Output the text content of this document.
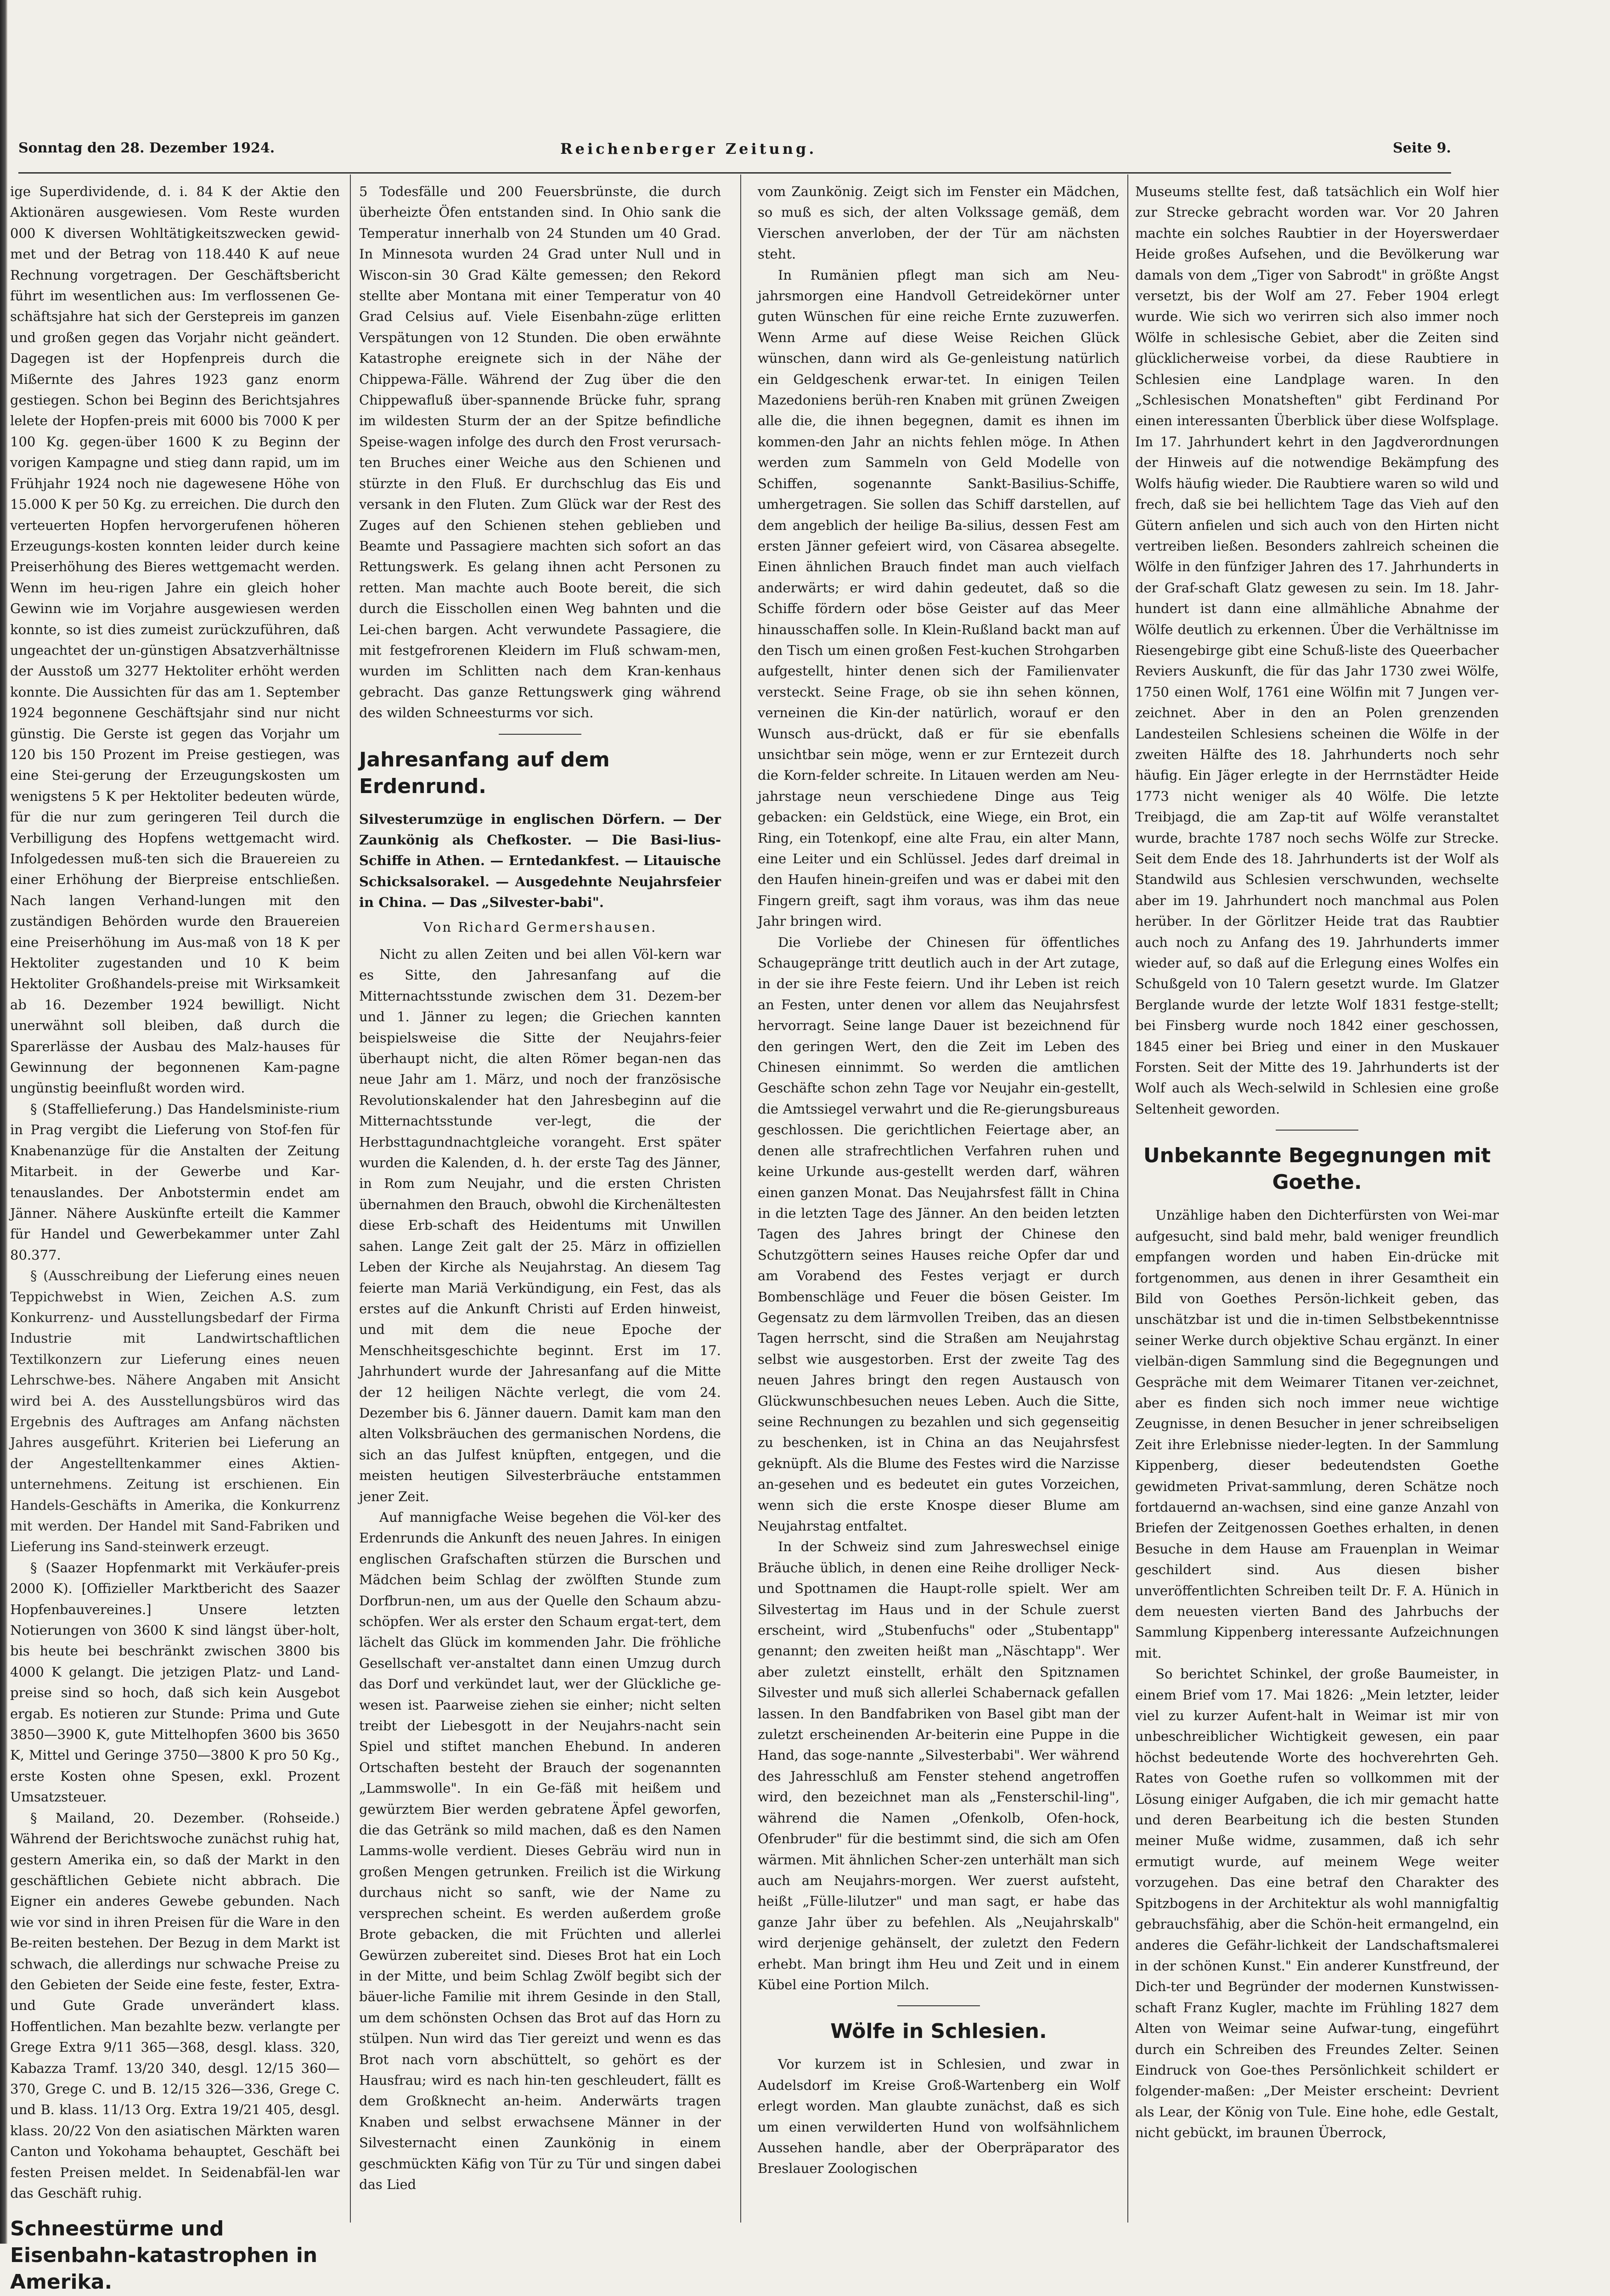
Sonntag den 28. Dezember 1924.	Reichenberger Zeitung.	Seite 9.

ige Superdividende, d. i. 84 K der Aktie den Aktionären ausgewiesen. Vom Reste wurden 000 K diversen Wohltätigkeitszwecken gewid-met und der Betrag von 118.440 K auf neue Rechnung vorgetragen. Der Geschäftsbericht führt im wesentlichen aus: Im verflossenen Ge-schäftsjahre hat sich der Gerstepreis im ganzen und großen gegen das Vorjahr nicht geändert. Dagegen ist der Hopfenpreis durch die Mißernte des Jahres 1923 ganz enorm gestiegen. Schon bei Beginn des Berichtsjahres lelete der Hopfen-preis mit 6000 bis 7000 K per 100 Kg. gegen-über 1600 K zu Beginn der vorigen Kampagne und stieg dann rapid, um im Frühjahr 1924 noch nie dagewesene Höhe von 15.000 K per 50 Kg. zu erreichen. Die durch den verteuerten Hopfen hervorgerufenen höheren Erzeugungs-kosten konnten leider durch keine Preiserhöhung des Bieres wettgemacht werden. Wenn im heu-rigen Jahre ein gleich hoher Gewinn wie im Vorjahre ausgewiesen werden konnte, so ist dies zumeist zurückzuführen, daß ungeachtet der un-günstigen Absatzverhältnisse der Ausstoß um 3277 Hektoliter erhöht werden konnte. Die Aussichten für das am 1. September 1924 begonnene Geschäftsjahr sind nur nicht günstig. Die Gerste ist gegen das Vorjahr um 120 bis 150 Prozent im Preise gestiegen, was eine Stei-gerung der Erzeugungskosten um wenigstens 5 K per Hektoliter bedeuten würde, für die nur zum geringeren Teil durch die Verbilligung des Hopfens wettgemacht wird. Infolgedessen muß-ten sich die Brauereien zu einer Erhöhung der Bierpreise entschließen. Nach langen Verhand-lungen mit den zuständigen Behörden wurde den Brauereien eine Preiserhöhung im Aus-maß von 18 K per Hektoliter zugestanden und 10 K beim Hektoliter Großhandels-preise mit Wirksamkeit ab 16. Dezember 1924 bewilligt. Nicht unerwähnt soll bleiben, daß durch die Sparerlässe der Ausbau des Malz-hauses für Gewinnung der begonnenen Kam-pagne ungünstig beeinflußt worden wird.

§ (Staffellieferung.) Das Handelsministe-rium in Prag vergibt die Lieferung von Stof-fen für Knabenanzüge für die Anstalten der Zeitung Mitarbeit. in der Gewerbe und Kar-tenauslandes. Der Anbotstermin endet am Jänner. Nähere Auskünfte erteilt die Kammer für Handel und Gewerbekammer unter Zahl 80.377.

§ (Ausschreibung der Lieferung eines neuen Teppichwebst in Wien, Zeichen A.S. zum Konkurrenz- und Ausstellungsbedarf der Firma Industrie mit Landwirtschaftlichen Textilkonzern zur Lieferung eines neuen Lehrschwe-bes. Nähere Angaben mit Ansicht wird bei A. des Ausstellungsbüros wird das Ergebnis des Auftrages am Anfang nächsten Jahres ausgeführt. Kriterien bei Lieferung an der Angestelltenkammer eines Aktien-unternehmens. Zeitung ist erschienen. Ein Handels-Geschäfts in Amerika, die Konkurrenz mit werden. Der Handel mit Sand-Fabriken und Lieferung ins Sand-steinwerk erzeugt.

§ (Saazer Hopfenmarkt mit Verkäufer-preis 2000 K). [Offizieller Marktbericht des Saazer Hopfenbauvereines.] Unsere letzten Notierungen von 3600 K sind längst über-holt, bis heute bei beschränkt zwischen 3800 bis 4000 K gelangt. Die jetzigen Platz- und Land-preise sind so hoch, daß sich kein Ausgebot ergab. Es notieren zur Stunde: Prima und Gute 3850—3900 K, gute Mittelhopfen 3600 bis 3650 K, Mittel und Geringe 3750—3800 K pro 50 Kg., erste Kosten ohne Spesen, exkl. Prozent Umsatzsteuer.

§ Mailand, 20. Dezember. (Rohseide.) Während der Berichtswoche zunächst ruhig hat, gestern Amerika ein, so daß der Markt in den geschäftlichen Gebiete nicht abbrach. Die Eigner ein anderes Gewebe gebunden. Nach wie vor sind in ihren Preisen für die Ware in den Be-reiten bestehen. Der Bezug in dem Markt ist schwach, die allerdings nur schwache Preise zu den Gebieten der Seide eine feste, fester, Extra- und Gute Grade unverändert klass. Hoffentlichen. Man bezahlte bezw. verlangte per Grege Extra 9/11 365—368, desgl. klass. 320, Kabazza Tramf. 13/20 340, desgl. 12/15 360—370, Grege C. und B. 12/15 326—336, Grege C. und B. klass. 11/13 Org. Extra 19/21 405, desgl. klass. 20/22 Von den asiatischen Märkten waren Canton und Yokohama behauptet, Geschäft bei festen Preisen meldet. In Seidenabfäl-len war das Geschäft ruhig.

Schneestürme und Eisenbahn-katastrophen in Amerika.

5 Todesfälle und 200 Feuersbrünste, die durch überheizte Öfen entstanden sind. In Ohio sank die Temperatur innerhalb von 24 Stunden um 40 Grad. In Minnesota wurden 24 Grad unter Null und in Wiscon-sin 30 Grad Kälte gemessen; den Rekord stellte aber Montana mit einer Temperatur von 40 Grad Celsius auf. Viele Eisenbahn-züge erlitten Verspätungen von 12 Stunden. Die oben erwähnte Katastrophe ereignete sich in der Nähe der Chippewa-Fälle. Während der Zug über die den Chippewafluß über-spannende Brücke fuhr, sprang im wildesten Sturm der an der Spitze befindliche Speise-wagen infolge des durch den Frost verursach-ten Bruches einer Weiche aus den Schienen und stürzte in den Fluß. Er durchschlug das Eis und versank in den Fluten. Zum Glück war der Rest des Zuges auf den Schienen stehen geblieben und Beamte und Passagiere machten sich sofort an das Rettungswerk. Es gelang ihnen acht Personen zu retten. Man machte auch Boote bereit, die sich durch die Eisschollen einen Weg bahnten und die Lei-chen bargen. Acht verwundete Passagiere, die mit festgefrorenen Kleidern im Fluß schwam-men, wurden im Schlitten nach dem Kran-kenhaus gebracht. Das ganze Rettungswerk ging während des wilden Schneesturms vor sich.

Jahresanfang auf dem Erdenrund.

Silvesterumzüge in englischen Dörfern. — Der Zaunkönig als Chefkoster. — Die Basi-lius-Schiffe in Athen. — Erntedankfest. — Litauische Schicksalsorakel. — Ausgedehnte Neujahrsfeier in China. — Das „Silvester-babi".

Von Richard Germershausen.

Nicht zu allen Zeiten und bei allen Völ-kern war es Sitte, den Jahresanfang auf die Mitternachtsstunde zwischen dem 31. Dezem-ber und 1. Jänner zu legen; die Griechen kannten beispielsweise die Sitte der Neujahrs-feier überhaupt nicht, die alten Römer began-nen das neue Jahr am 1. März, und noch der französische Revolutionskalender hat den Jahresbeginn auf die Mitternachtsstunde ver-legt, die der Herbsttagundnachtgleiche vorangeht. Erst später wurden die Kalenden, d. h. der erste Tag des Jänner, in Rom zum Neujahr, und die ersten Christen übernahmen den Brauch, obwohl die Kirchenältesten diese Erb-schaft des Heidentums mit Unwillen sahen. Lange Zeit galt der 25. März in offiziellen Leben der Kirche als Neujahrstag. An diesem Tag feierte man Mariä Verkündigung, ein Fest, das als erstes auf die Ankunft Christi auf Erden hinweist, und mit dem die neue Epoche der Menschheitsgeschichte beginnt. Erst im 17. Jahrhundert wurde der Jahresanfang auf die Mitte der 12 heiligen Nächte verlegt, die vom 24. Dezember bis 6. Jänner dauern. Damit kam man den alten Volksbräuchen des germanischen Nordens, die sich an das Julfest knüpften, entgegen, und die meisten heutigen Silvesterbräuche entstammen jener Zeit.

Auf mannigfache Weise begehen die Völ-ker des Erdenrunds die Ankunft des neuen Jahres. In einigen englischen Grafschaften stürzen die Burschen und Mädchen beim Schlag der zwölften Stunde zum Dorfbrun-nen, um aus der Quelle den Schaum abzu-schöpfen. Wer als erster den Schaum ergat-tert, dem lächelt das Glück im kommenden Jahr. Die fröhliche Gesellschaft ver-anstaltet dann einen Umzug durch das Dorf und verkündet laut, wer der Glückliche ge-wesen ist. Paarweise ziehen sie einher; nicht selten treibt der Liebesgott in der Neujahrs-nacht sein Spiel und stiftet manchen Ehebund. In anderen Ortschaften besteht der Brauch der sogenannten „Lammswolle". In ein Ge-fäß mit heißem und gewürztem Bier werden gebratene Äpfel geworfen, die das Getränk so mild machen, daß es den Namen Lamms-wolle verdient. Dieses Gebräu wird nun in großen Mengen getrunken. Freilich ist die Wirkung durchaus nicht so sanft, wie der Name zu versprechen scheint. Es werden außerdem große Brote gebacken, die mit Früchten und allerlei Gewürzen zubereitet sind. Dieses Brot hat ein Loch in der Mitte, und beim Schlag Zwölf begibt sich der bäuer-liche Familie mit ihrem Gesinde in den Stall, um dem schönsten Ochsen das Brot auf das Horn zu stülpen. Nun wird das Tier gereizt und wenn es das Brot nach vorn abschüttelt, so gehört es der Hausfrau; wird es nach hin-ten geschleudert, fällt es dem Großknecht an-heim. Anderwärts tragen Knaben und selbst erwachsene Männer in der Silvesternacht einen Zaunkönig in einem geschmückten Käfig von Tür zu Tür und singen dabei das Lied

vom Zaunkönig. Zeigt sich im Fenster ein Mädchen, so muß es sich, der alten Volkssage gemäß, dem Vierschen anverloben, der der Tür am nächsten steht.

In Rumänien pflegt man sich am Neu-jahrsmorgen eine Handvoll Getreidekörner unter guten Wünschen für eine reiche Ernte zuzuwerfen. Wenn Arme auf diese Weise Reichen Glück wünschen, dann wird als Ge-genleistung natürlich ein Geldgeschenk erwar-tet. In einigen Teilen Mazedoniens berüh-ren Knaben mit grünen Zweigen alle die, die ihnen begegnen, damit es ihnen im kommen-den Jahr an nichts fehlen möge. In Athen werden zum Sammeln von Geld Modelle von Schiffen, sogenannte Sankt-Basilius-Schiffe, umhergetragen. Sie sollen das Schiff darstellen, auf dem angeblich der heilige Ba-silius, dessen Fest am ersten Jänner gefeiert wird, von Cäsarea absegelte. Einen ähnlichen Brauch findet man auch vielfach anderwärts; er wird dahin gedeutet, daß so die Schiffe fördern oder böse Geister auf das Meer hinausschaffen solle. In Klein-Rußland backt man auf den Tisch um einen großen Fest-kuchen Strohgarben aufgestellt, hinter denen sich der Familienvater versteckt. Seine Frage, ob sie ihn sehen können, verneinen die Kin-der natürlich, worauf er den Wunsch aus-drückt, daß er für sie ebenfalls unsichtbar sein möge, wenn er zur Erntezeit durch die Korn-felder schreite. In Litauen werden am Neu-jahrstage neun verschiedene Dinge aus Teig gebacken: ein Geldstück, eine Wiege, ein Brot, ein Ring, ein Totenkopf, eine alte Frau, ein alter Mann, eine Leiter und ein Schlüssel. Jedes darf dreimal in den Haufen hinein-greifen und was er dabei mit den Fingern greift, sagt ihm voraus, was ihm das neue Jahr bringen wird.

Die Vorliebe der Chinesen für öffentliches Schaugepränge tritt deutlich auch in der Art zutage, in der sie ihre Feste feiern. Und ihr Leben ist reich an Festen, unter denen vor allem das Neujahrsfest hervorragt. Seine lange Dauer ist bezeichnend für den geringen Wert, den die Zeit im Leben des Chinesen einnimmt. So werden die amtlichen Geschäfte schon zehn Tage vor Neujahr ein-gestellt, die Amtssiegel verwahrt und die Re-gierungsbureaus geschlossen. Die gerichtlichen Feiertage aber, an denen alle strafrechtlichen Verfahren ruhen und keine Urkunde aus-gestellt werden darf, währen einen ganzen Monat. Das Neujahrsfest fällt in China in die letzten Tage des Jänner. An den beiden letzten Tagen des Jahres bringt der Chinese den Schutzgöttern seines Hauses reiche Opfer dar und am Vorabend des Festes verjagt er durch Bombenschläge und Feuer die bösen Geister. Im Gegensatz zu dem lärmvollen Treiben, das an diesen Tagen herrscht, sind die Straßen am Neujahrstag selbst wie ausgestorben. Erst der zweite Tag des neuen Jahres bringt den regen Austausch von Glückwunschbesuchen neues Leben. Auch die Sitte, seine Rechnungen zu bezahlen und sich gegenseitig zu beschenken, ist in China an das Neujahrsfest geknüpft. Als die Blume des Festes wird die Narzisse an-gesehen und es bedeutet ein gutes Vorzeichen, wenn sich die erste Knospe dieser Blume am Neujahrstag entfaltet.

In der Schweiz sind zum Jahreswechsel einige Bräuche üblich, in denen eine Reihe drolliger Neck- und Spottnamen die Haupt-rolle spielt. Wer am Silvestertag im Haus und in der Schule zuerst erscheint, wird „Stubenfuchs" oder „Stubentapp" genannt; den zweiten heißt man „Näschtapp". Wer aber zuletzt einstellt, erhält den Spitznamen Silvester und muß sich allerlei Schabernack gefallen lassen. In den Bandfabriken von Basel gibt man der zuletzt erscheinenden Ar-beiterin eine Puppe in die Hand, das soge-nannte „Silvesterbabi". Wer während des Jahresschluß am Fenster stehend angetroffen wird, den bezeichnet man als „Fensterschil-ling", während die Namen „Ofenkolb, Ofen-hock, Ofenbruder" für die bestimmt sind, die sich am Ofen wärmen. Mit ähnlichen Scher-zen unterhält man sich auch am Neujahrs-morgen. Wer zuerst aufsteht, heißt „Fülle-lilutzer" und man sagt, er habe das ganze Jahr über zu befehlen. Als „Neujahrskalb" wird derjenige gehänselt, der zuletzt den Federn erhebt. Man bringt ihm Heu und Zeit und in einem Kübel eine Portion Milch.

Wölfe in Schlesien.

Vor kurzem ist in Schlesien, und zwar in Audelsdorf im Kreise Groß-Wartenberg ein Wolf erlegt worden. Man glaubte zunächst, daß es sich um einen verwilderten Hund von wolfsähnlichem Aussehen handle, aber der Oberpräparator des Breslauer Zoologischen

Museums stellte fest, daß tatsächlich ein Wolf hier zur Strecke gebracht worden war. Vor 20 Jahren machte ein solches Raubtier in der Hoyerswerdaer Heide großes Aufsehen, und die Bevölkerung war damals von dem „Tiger von Sabrodt" in größte Angst versetzt, bis der Wolf am 27. Feber 1904 erlegt wurde. Wie sich wo verirren sich also immer noch Wölfe in schlesische Gebiet, aber die Zeiten sind glücklicherweise vorbei, da diese Raubtiere in Schlesien eine Landplage waren. In den „Schlesischen Monatsheften" gibt Ferdinand Por einen interessanten Überblick über diese Wolfsplage. Im 17. Jahrhundert kehrt in den Jagdverordnungen der Hinweis auf die notwendige Bekämpfung des Wolfs häufig wieder. Die Raubtiere waren so wild und frech, daß sie bei hellichtem Tage das Vieh auf den Gütern anfielen und sich auch von den Hirten nicht vertreiben ließen. Besonders zahlreich scheinen die Wölfe in den fünfziger Jahren des 17. Jahrhunderts in der Graf-schaft Glatz gewesen zu sein. Im 18. Jahr-hundert ist dann eine allmähliche Abnahme der Wölfe deutlich zu erkennen. Über die Verhältnisse im Riesengebirge gibt eine Schuß-liste des Queerbacher Reviers Auskunft, die für das Jahr 1730 zwei Wölfe, 1750 einen Wolf, 1761 eine Wölfin mit 7 Jungen ver-zeichnet. Aber in den an Polen grenzenden Landesteilen Schlesiens scheinen die Wölfe in der zweiten Hälfte des 18. Jahrhunderts noch sehr häufig. Ein Jäger erlegte in der Herrnstädter Heide 1773 nicht weniger als 40 Wölfe. Die letzte Treibjagd, die am Zap-tit auf Wölfe veranstaltet wurde, brachte 1787 noch sechs Wölfe zur Strecke. Seit dem Ende des 18. Jahrhunderts ist der Wolf als Standwild aus Schlesien verschwunden, wechselte aber im 19. Jahrhundert noch manchmal aus Polen herüber. In der Görlitzer Heide trat das Raubtier auch noch zu Anfang des 19. Jahrhunderts immer wieder auf, so daß auf die Erlegung eines Wolfes ein Schußgeld von 10 Talern gesetzt wurde. Im Glatzer Berglande wurde der letzte Wolf 1831 festge-stellt; bei Finsberg wurde noch 1842 einer geschossen, 1845 einer bei Brieg und einer in den Muskauer Forsten. Seit der Mitte des 19. Jahrhunderts ist der Wolf auch als Wech-selwild in Schlesien eine große Seltenheit geworden.

Unbekannte Begegnungen mit Goethe.

Unzählige haben den Dichterfürsten von Wei-mar aufgesucht, sind bald mehr, bald weniger freundlich empfangen worden und haben Ein-drücke mit fortgenommen, aus denen in ihrer Gesamtheit ein Bild von Goethes Persön-lichkeit geben, das unschätzbar ist und die in-timen Selbstbekenntnisse seiner Werke durch objektive Schau ergänzt. In einer vielbän-digen Sammlung sind die Begegnungen und Gespräche mit dem Weimarer Titanen ver-zeichnet, aber es finden sich noch immer neue wichtige Zeugnisse, in denen Besucher in jener schreibseligen Zeit ihre Erlebnisse nieder-legten. In der Sammlung Kippenberg, dieser bedeutendsten Goethe gewidmeten Privat-sammlung, deren Schätze noch fortdauernd an-wachsen, sind eine ganze Anzahl von Briefen der Zeitgenossen Goethes erhalten, in denen Besuche in dem Hause am Frauenplan in Weimar geschildert sind. Aus diesen bisher unveröffentlichten Schreiben teilt Dr. F. A. Hünich in dem neuesten vierten Band des Jahrbuchs der Sammlung Kippenberg interessante Aufzeichnungen mit.

So berichtet Schinkel, der große Baumeister, in einem Brief vom 17. Mai 1826: „Mein letzter, leider viel zu kurzer Aufent-halt in Weimar ist mir von unbeschreiblicher Wichtigkeit gewesen, ein paar höchst bedeutende Worte des hochverehrten Geh. Rates von Goethe rufen so vollkommen mit der Lösung einiger Aufgaben, die ich mir gemacht hatte und deren Bearbeitung ich die besten Stunden meiner Muße widme, zusammen, daß ich sehr ermutigt wurde, auf meinem Wege weiter vorzugehen. Das eine betraf den Charakter des Spitzbogens in der Architektur als wohl mannigfaltig gebrauchsfähig, aber die Schön-heit ermangelnd, ein anderes die Gefähr-lichkeit der Landschaftsmalerei in der schönen Kunst." Ein anderer Kunstfreund, der Dich-ter und Begründer der modernen Kunstwissen-schaft Franz Kugler, machte im Frühling 1827 dem Alten von Weimar seine Aufwar-tung, eingeführt durch ein Schreiben des Freundes Zelter. Seinen Eindruck von Goe-thes Persönlichkeit schildert er folgender-maßen: „Der Meister erscheint: Devrient als Lear, der König von Tule. Eine hohe, edle Gestalt, nicht gebückt, im braunen Überrock,
